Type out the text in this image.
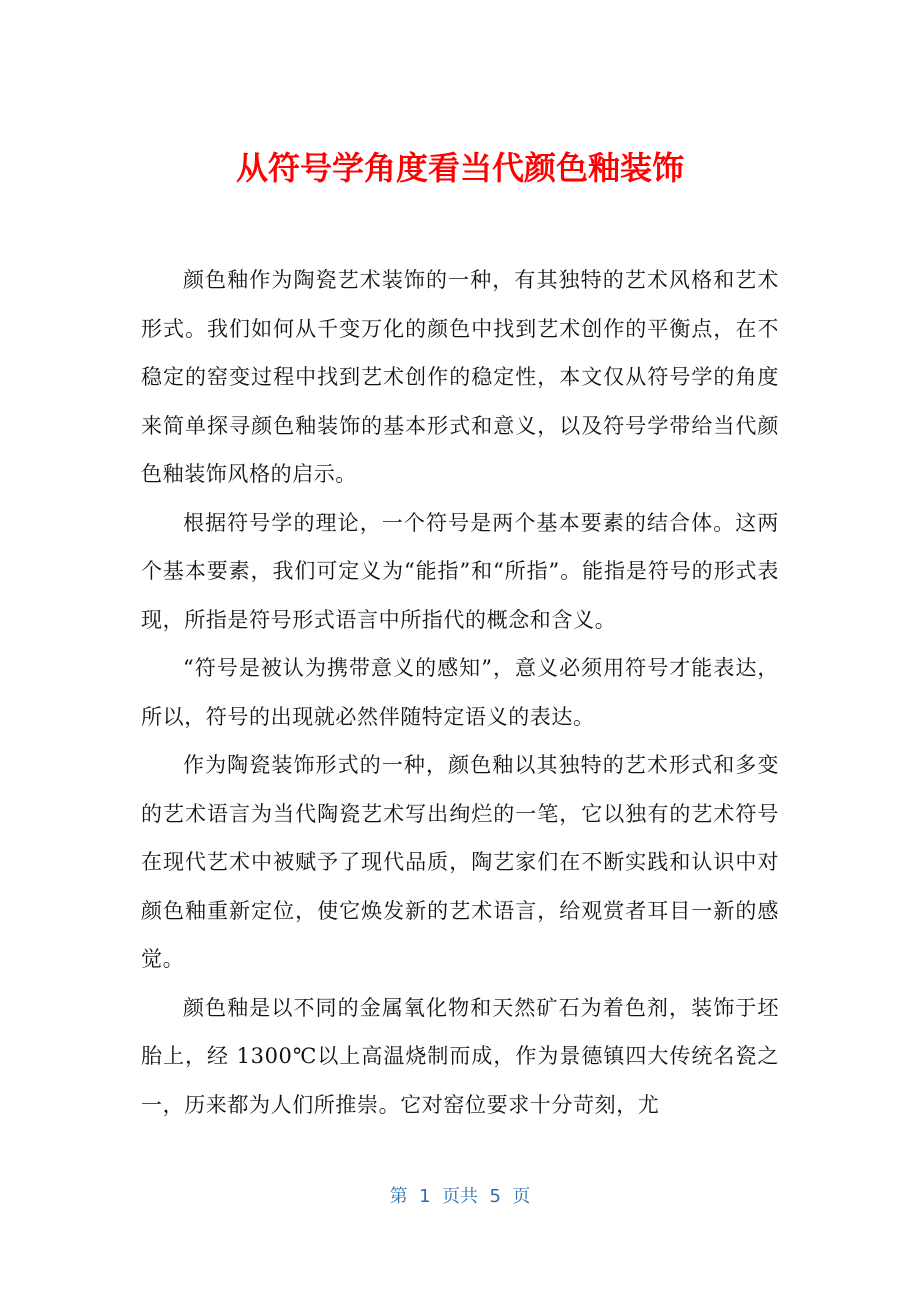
从符号学角度看当代颜色釉装饰

颜色釉作为陶瓷艺术装饰的一种，有其独特的艺术风格和艺术形式。我们如何从千变万化的颜色中找到艺术创作的平衡点，在不稳定的窑变过程中找到艺术创作的稳定性，本文仅从符号学的角度来简单探寻颜色釉装饰的基本形式和意义，以及符号学带给当代颜色釉装饰风格的启示。

根据符号学的理论，一个符号是两个基本要素的结合体。这两个基本要素，我们可定义为“能指”和“所指”。能指是符号的形式表现，所指是符号形式语言中所指代的概念和含义。

“符号是被认为携带意义的感知”，意义必须用符号才能表达，所以，符号的出现就必然伴随特定语义的表达。

作为陶瓷装饰形式的一种，颜色釉以其独特的艺术形式和多变的艺术语言为当代陶瓷艺术写出绚烂的一笔，它以独有的艺术符号在现代艺术中被赋予了现代品质，陶艺家们在不断实践和认识中对颜色釉重新定位，使它焕发新的艺术语言，给观赏者耳目一新的感觉。

颜色釉是以不同的金属氧化物和天然矿石为着色剂，装饰于坯胎上，经 1300℃以上高温烧制而成，作为景德镇四大传统名瓷之一，历来都为人们所推崇。它对窑位要求十分苛刻，尤

第  1  页共  5  页
